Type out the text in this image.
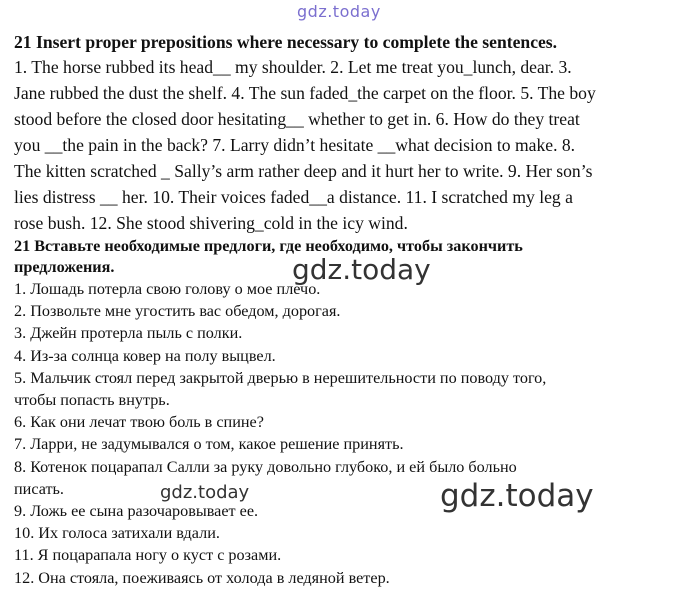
gdz.today
21 Insert proper prepositions where necessary to complete the sentences.
1. The horse rubbed its head__ my shoulder. 2. Let me treat you_lunch, dear. 3.
Jane rubbed the dust the shelf. 4. The sun faded_the carpet on the floor. 5. The boy
stood before the closed door hesitating__ whether to get in. 6. How do they treat
you __the pain in the back? 7. Larry didn’t hesitate __what decision to make. 8.
The kitten scratched _ Sally’s arm rather deep and it hurt her to write. 9. Her son’s
lies distress __ her. 10. Their voices faded__a distance. 11. I scratched my leg a
rose bush. 12. She stood shivering_cold in the icy wind.
21 Вставьте необходимые предлоги, где необходимо, чтобы закончить
предложения.
1. Лошадь потерла свою голову о мое плечо.
2. Позвольте мне угостить вас обедом, дорогая.
3. Джейн протерла пыль с полки.
4. Из-за солнца ковер на полу выцвел.
5. Мальчик стоял перед закрытой дверью в нерешительности по поводу того,
чтобы попасть внутрь.
6. Как они лечат твою боль в спине?
7. Ларри, не задумывался о том, какое решение принять.
8. Котенок поцарапал Салли за руку довольно глубоко, и ей было больно
писать.
9. Ложь ее сына разочаровывает ее.
10. Их голоса затихали вдали.
11. Я поцарапала ногу о куст с розами.
12. Она стояла, поеживаясь от холода в ледяной ветер.
gdz.today
gdz.today	gdz.today
